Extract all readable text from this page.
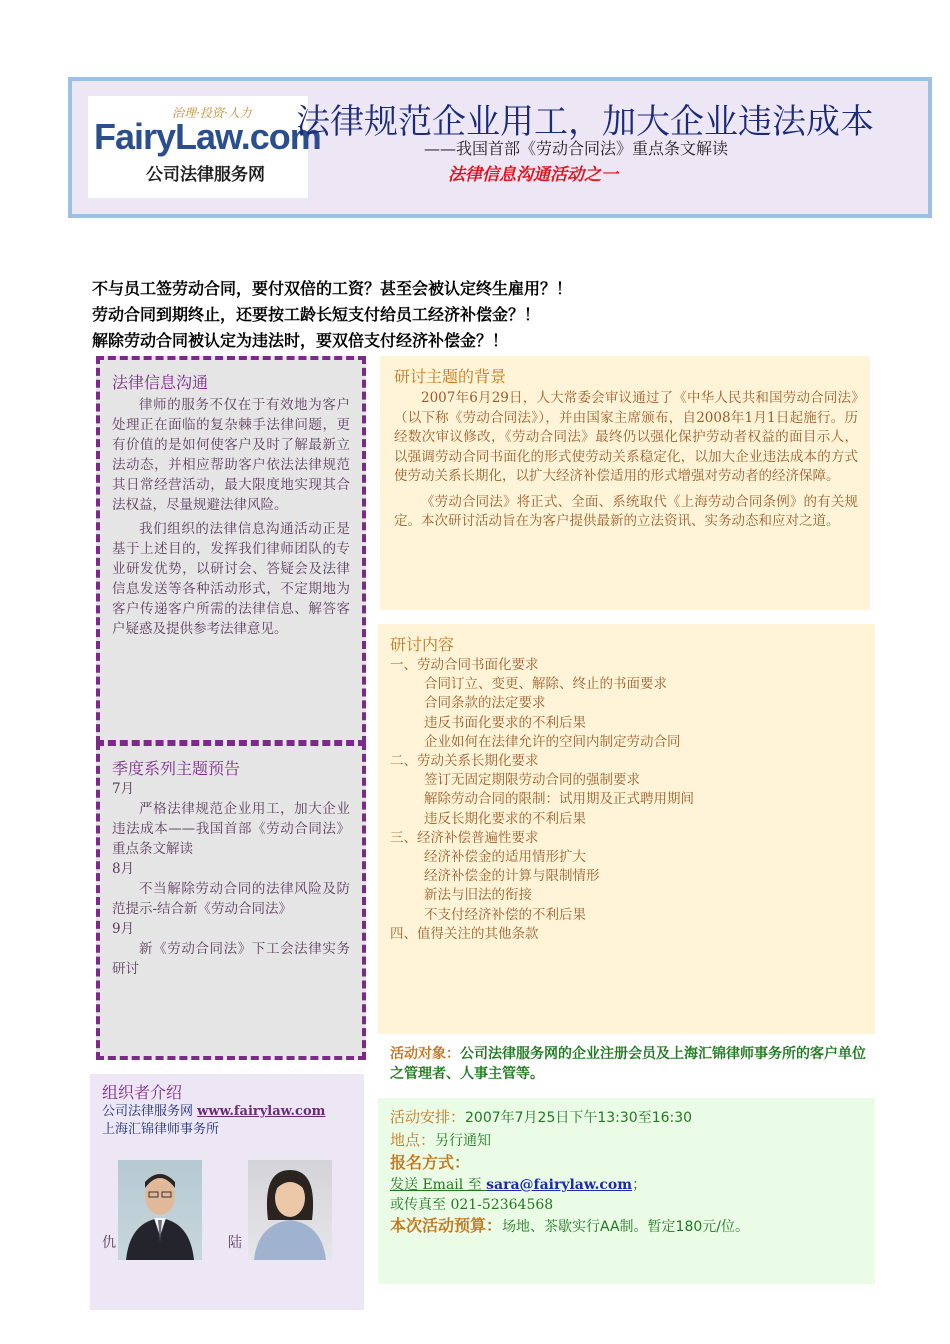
治理·投资·人力
FairyLaw.com
公司法律服务网
法律规范企业用工，加大企业违法成本
——我国首部《劳动合同法》重点条文解读
法律信息沟通活动之一
不与员工签劳动合同，要付双倍的工资？甚至会被认定终生雇用？！
劳动合同到期终止，还要按工龄长短支付给员工经济补偿金？！
解除劳动合同被认定为违法时，要双倍支付经济补偿金？！
法律信息沟通

律师的服务不仅在于有效地为客户处理正在面临的复杂棘手法律问题，更有价值的是如何使客户及时了解最新立法动态，并相应帮助客户依法法律规范其日常经营活动，最大限度地实现其合法权益，尽量规避法律风险。

我们组织的法律信息沟通活动正是基于上述目的，发挥我们律师团队的专业研发优势，以研讨会、答疑会及法律信息发送等各种活动形式，不定期地为客户传递客户所需的法律信息、解答客户疑惑及提供参考法律意见。

季度系列主题预告

7月

严格法律规范企业用工，加大企业违法成本——我国首部《劳动合同法》重点条文解读

8月

不当解除劳动合同的法律风险及防范提示-结合新《劳动合同法》

9月

新《劳动合同法》下工会法律实务研讨

组织者介绍
公司法律服务网 www.fairylaw.com
上海汇锦律师事务所
仇	陆
研讨主题的背景

2007年6月29日，人大常委会审议通过了《中华人民共和国劳动合同法》（以下称《劳动合同法》），并由国家主席颁布，自2008年1月1日起施行。历经数次审议修改，《劳动合同法》最终仍以强化保护劳动者权益的面目示人，以强调劳动合同书面化的形式使劳动关系稳定化，以加大企业违法成本的方式使劳动关系长期化，以扩大经济补偿适用的形式增强对劳动者的经济保障。

《劳动合同法》将正式、全面、系统取代《上海劳动合同条例》的有关规定。本次研讨活动旨在为客户提供最新的立法资讯、实务动态和应对之道。

研讨内容
一、劳动合同书面化要求
合同订立、变更、解除、终止的书面要求
合同条款的法定要求
违反书面化要求的不利后果
企业如何在法律允许的空间内制定劳动合同
二、劳动关系长期化要求
签订无固定期限劳动合同的强制要求
解除劳动合同的限制：试用期及正式聘用期间
违反长期化要求的不利后果
三、经济补偿普遍性要求
经济补偿金的适用情形扩大
经济补偿金的计算与限制情形
新法与旧法的衔接
不支付经济补偿的不利后果
四、值得关注的其他条款
活动对象：公司法律服务网的企业注册会员及上海汇锦律师事务所的客户单位之管理者、人事主管等。
活动安排：2007年7月25日下午13:30至16:30
地点：另行通知
报名方式：
发送 Email 至 sara@fairylaw.com；
或传真至 021-52364568
本次活动预算：场地、茶歇实行AA制。暂定180元/位。
